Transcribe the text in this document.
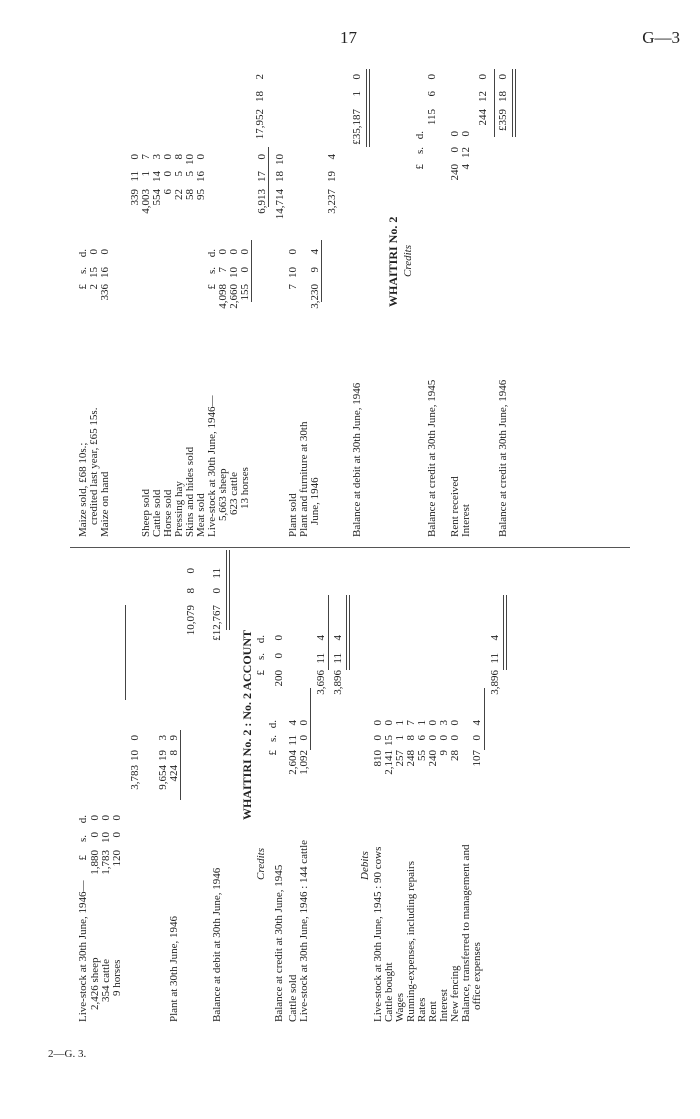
17	G—3
2—G. 3.
Live-stock at 30th June, 1946—
£
s.
d.
2,426 sheep
1,880
0
0
354 cattle
1,783
10
0
9 horses
120
0
0
3,783
10
0
9,654
19
3
Plant at 30th June, 1946
424
8
9
10,079
8
0
Balance at debit at 30th June, 1946
£12,767
0
11
WHAITIRI No. 2 : No. 2 ACCOUNT
Credits
£
s.
d.
£
s.
d.
Balance at credit at 30th June, 1945
200
0
0
Cattle sold
2,604
11
4
Live-stock at 30th June, 1946 : 144 cattle
1,092
0
0
3,696
11
4
3,896
11
4
Debits Live-stock at 30th June, 1945 : 90 cows
810
0
0
Cattle bought
2,141
15
0
Wages
257
1
1
Running-expenses, including repairs
248
8
7
Rates
55
6
1
Rent
240
0
0
Interest
9
0
3
New fencing
28
0
0
Balance, transferred to management and office expenses
107
0
4
3,896
11
4
Maize sold, £68 10s.;
£
s.
d.
credited last year, £65 15s.
2
15
0
Maize on hand
336
16
0
339
11
0
Sheep sold
4,003
1
7
Cattle sold
554
14
3
Horse sold
6
0
0
Pressing hay
22
5
8
Skins and hides sold
58
5
10
Meat sold
95
16
0
Live-stock at 30th June, 1946—
£
s.
d.
5,663 sheep
4,098
7
0
623 cattle
2,660
10
0
13 horses
155
0
0
6,913
17
0
14,714
18
10
Plant sold
7
10
0
Plant and furniture at 30th June, 1946
3,230
9
4
3,237
19
4
17,952
18
2
Balance at debit at 30th June, 1946
£35,187
1
0
WHAITIRI No. 2 Credits
£
s.
d.
Balance at credit at 30th June, 1945
115
6
0
Rent received
240
0
0
Interest
4
12
0
244
12
0
Balance at credit at 30th June, 1946
£359
18
0
